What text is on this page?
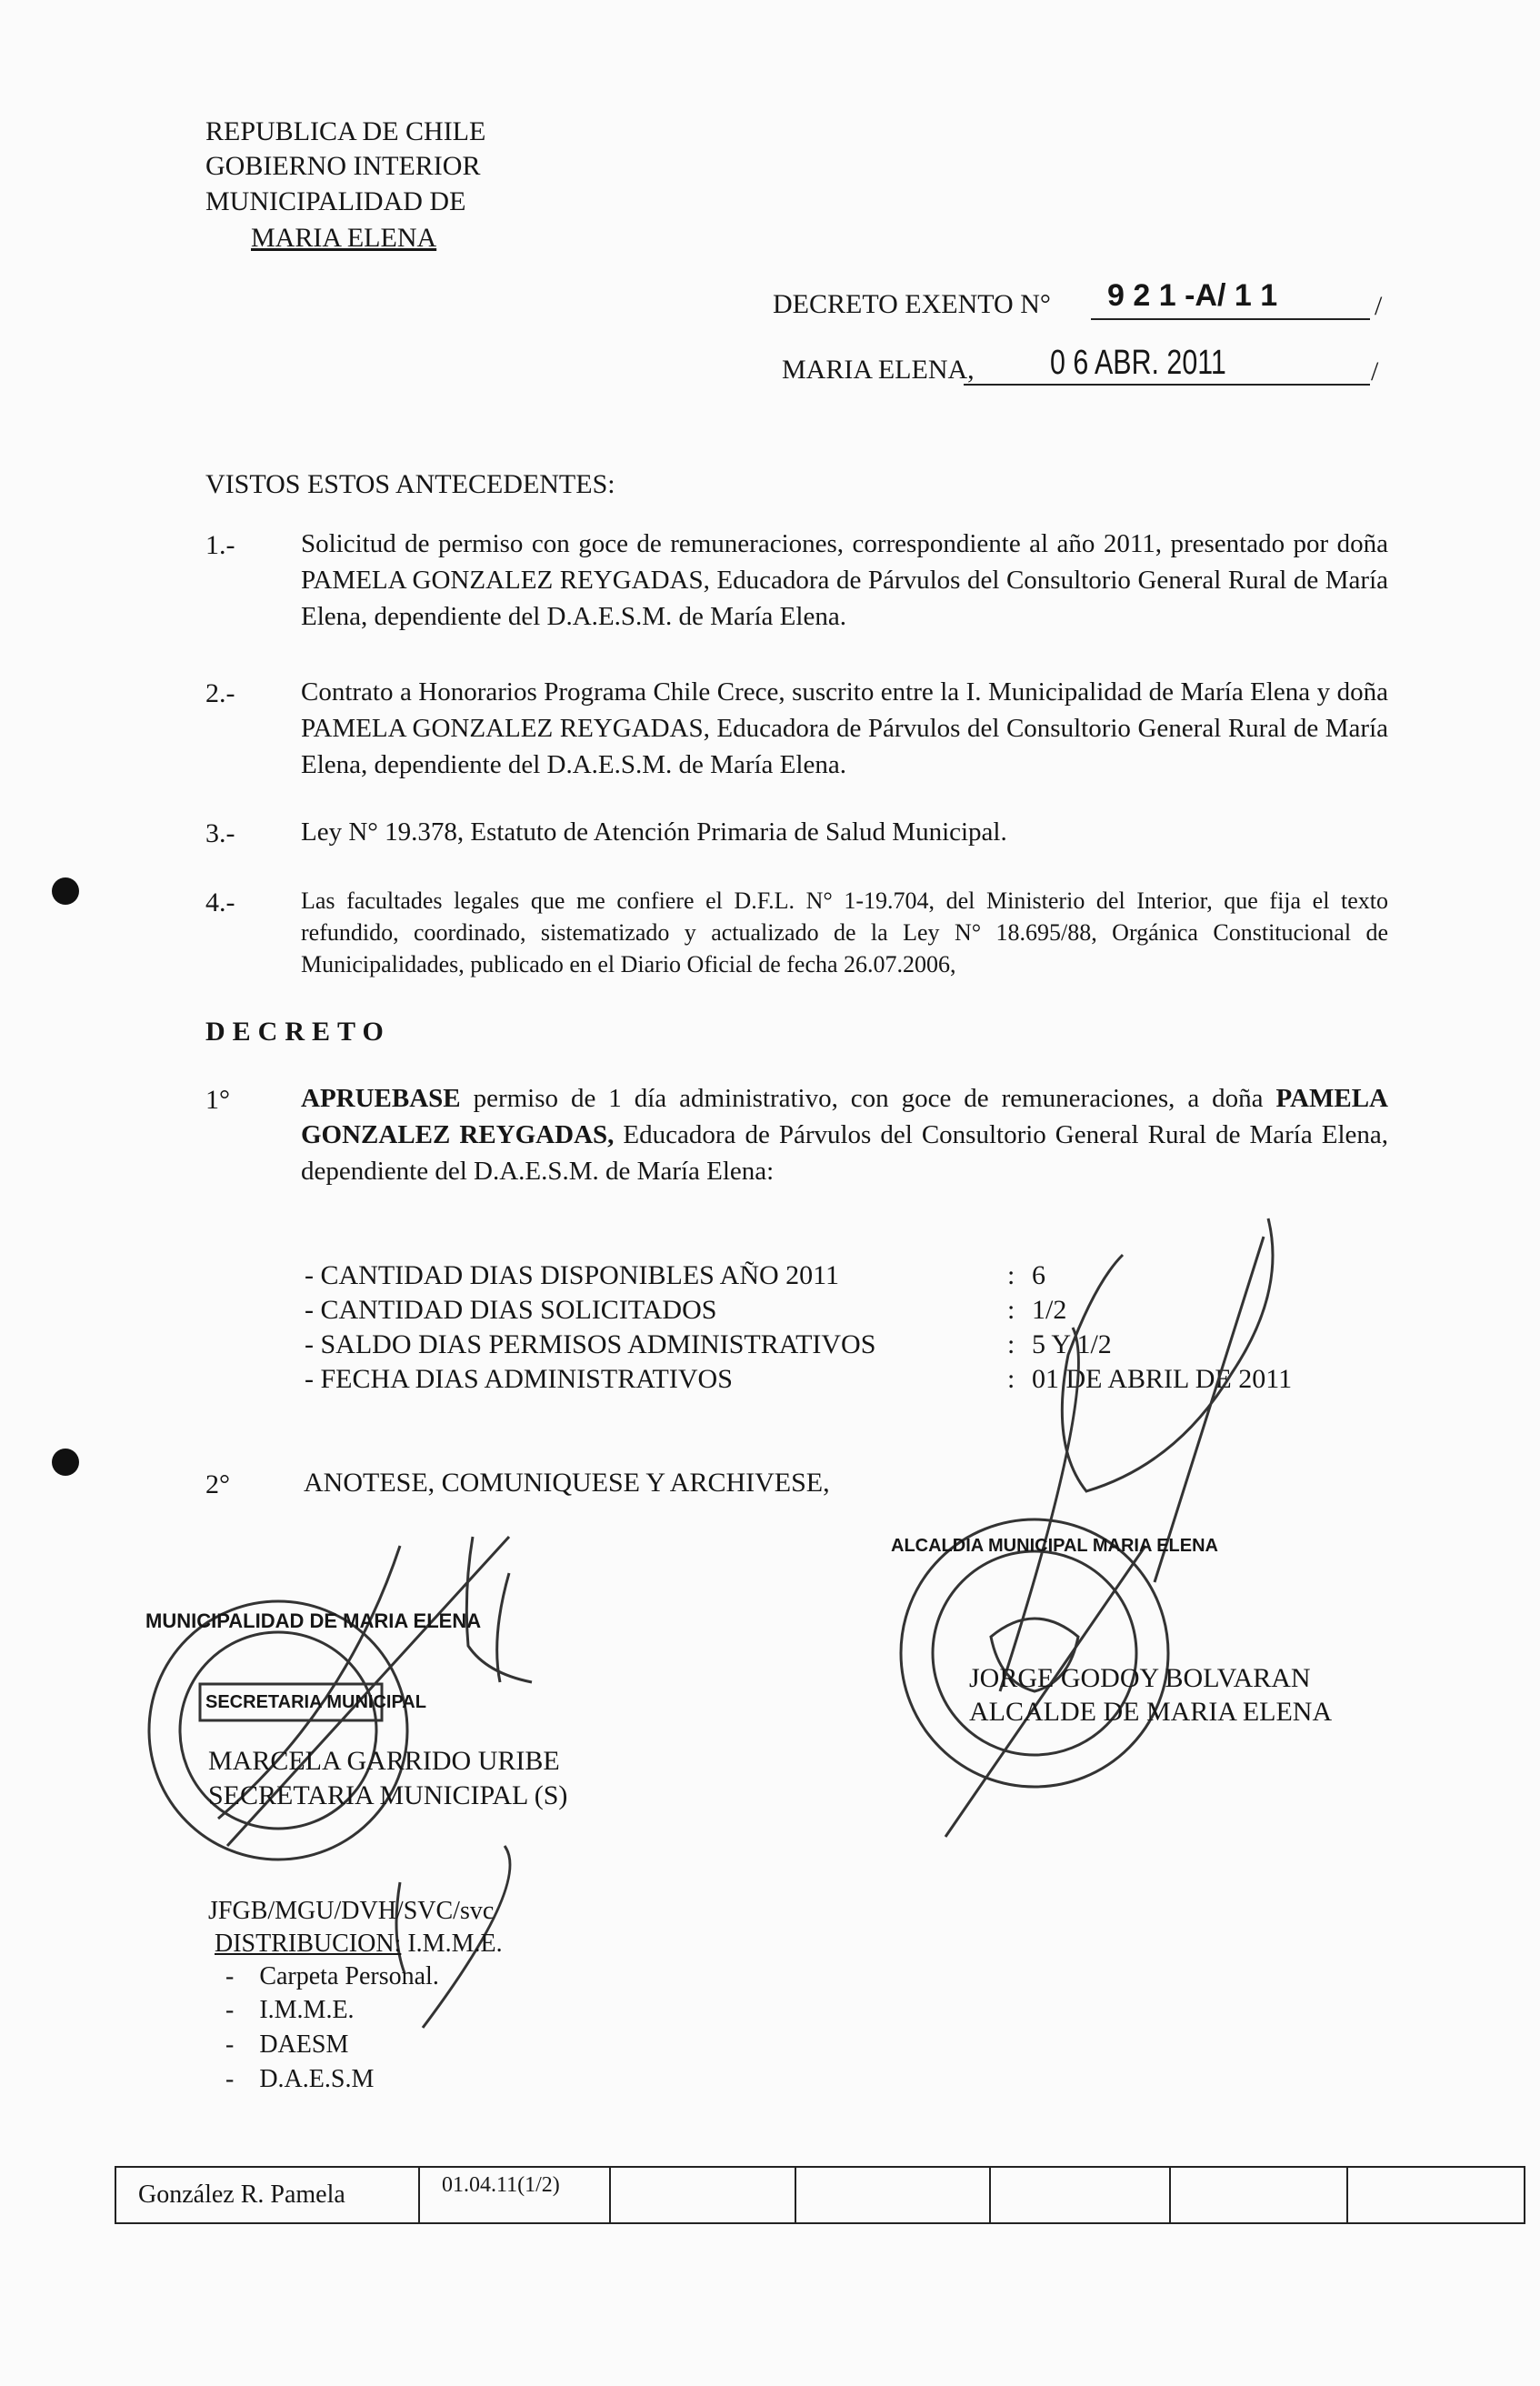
REPUBLICA DE CHILE
GOBIERNO INTERIOR
MUNICIPALIDAD DE
MARIA ELENA
DECRETO EXENTO N° 9 2 1 -A/ 1 1	/
MARIA ELENA, 0 6 ABR. 2011	/
VISTOS ESTOS ANTECEDENTES:
1.-	Solicitud de permiso con goce de remuneraciones, correspondiente al año 2011, presentado por doña PAMELA GONZALEZ REYGADAS, Educadora de Párvulos del Consultorio General Rural de María Elena, dependiente del D.A.E.S.M. de María Elena.
2.-	Contrato a Honorarios Programa Chile Crece, suscrito entre la I. Municipalidad de María Elena y doña PAMELA GONZALEZ REYGADAS, Educadora de Párvulos del Consultorio General Rural de María Elena, dependiente del D.A.E.S.M. de María Elena.
3.-	Ley N° 19.378, Estatuto de Atención Primaria de Salud Municipal.
4.-	Las facultades legales que me confiere el D.F.L. N° 1-19.704, del Ministerio del Interior, que fija el texto refundido, coordinado, sistematizado y actualizado de la Ley N° 18.695/88, Orgánica Constitucional de Municipalidades, publicado en el Diario Oficial de fecha 26.07.2006,
DECRETO
1°	APRUEBASE permiso de 1 día administrativo, con goce de remuneraciones, a doña PAMELA GONZALEZ REYGADAS, Educadora de Párvulos del Consultorio General Rural de María Elena, dependiente del D.A.E.S.M. de María Elena:
- CANTIDAD DIAS DISPONIBLES AÑO 2011	: 6
- CANTIDAD DIAS SOLICITADOS	: 1/2
- SALDO DIAS PERMISOS ADMINISTRATIVOS	: 5 Y 1/2
- FECHA DIAS ADMINISTRATIVOS	: 01 DE ABRIL DE 2011
2°	ANOTESE, COMUNIQUESE Y ARCHIVESE,
MUNICIPALIDAD DE MARIA ELENA
SECRETARIA MUNICIPAL
ALCALDIA MUNICIPAL MARIA ELENA
MARCELA GARRIDO URIBE
SECRETARIA MUNICIPAL (S)
JORGE GODOY BOLVARAN
ALCALDE DE MARIA ELENA
JFGB/MGU/DVH/SVC/svc
DISTRIBUCION: I.M.M.E.
-    Carpeta Personal.
-    I.M.M.E.
-    DAESM
-    D.A.E.S.M
González R. Pamela	01.04.11(1/2)
